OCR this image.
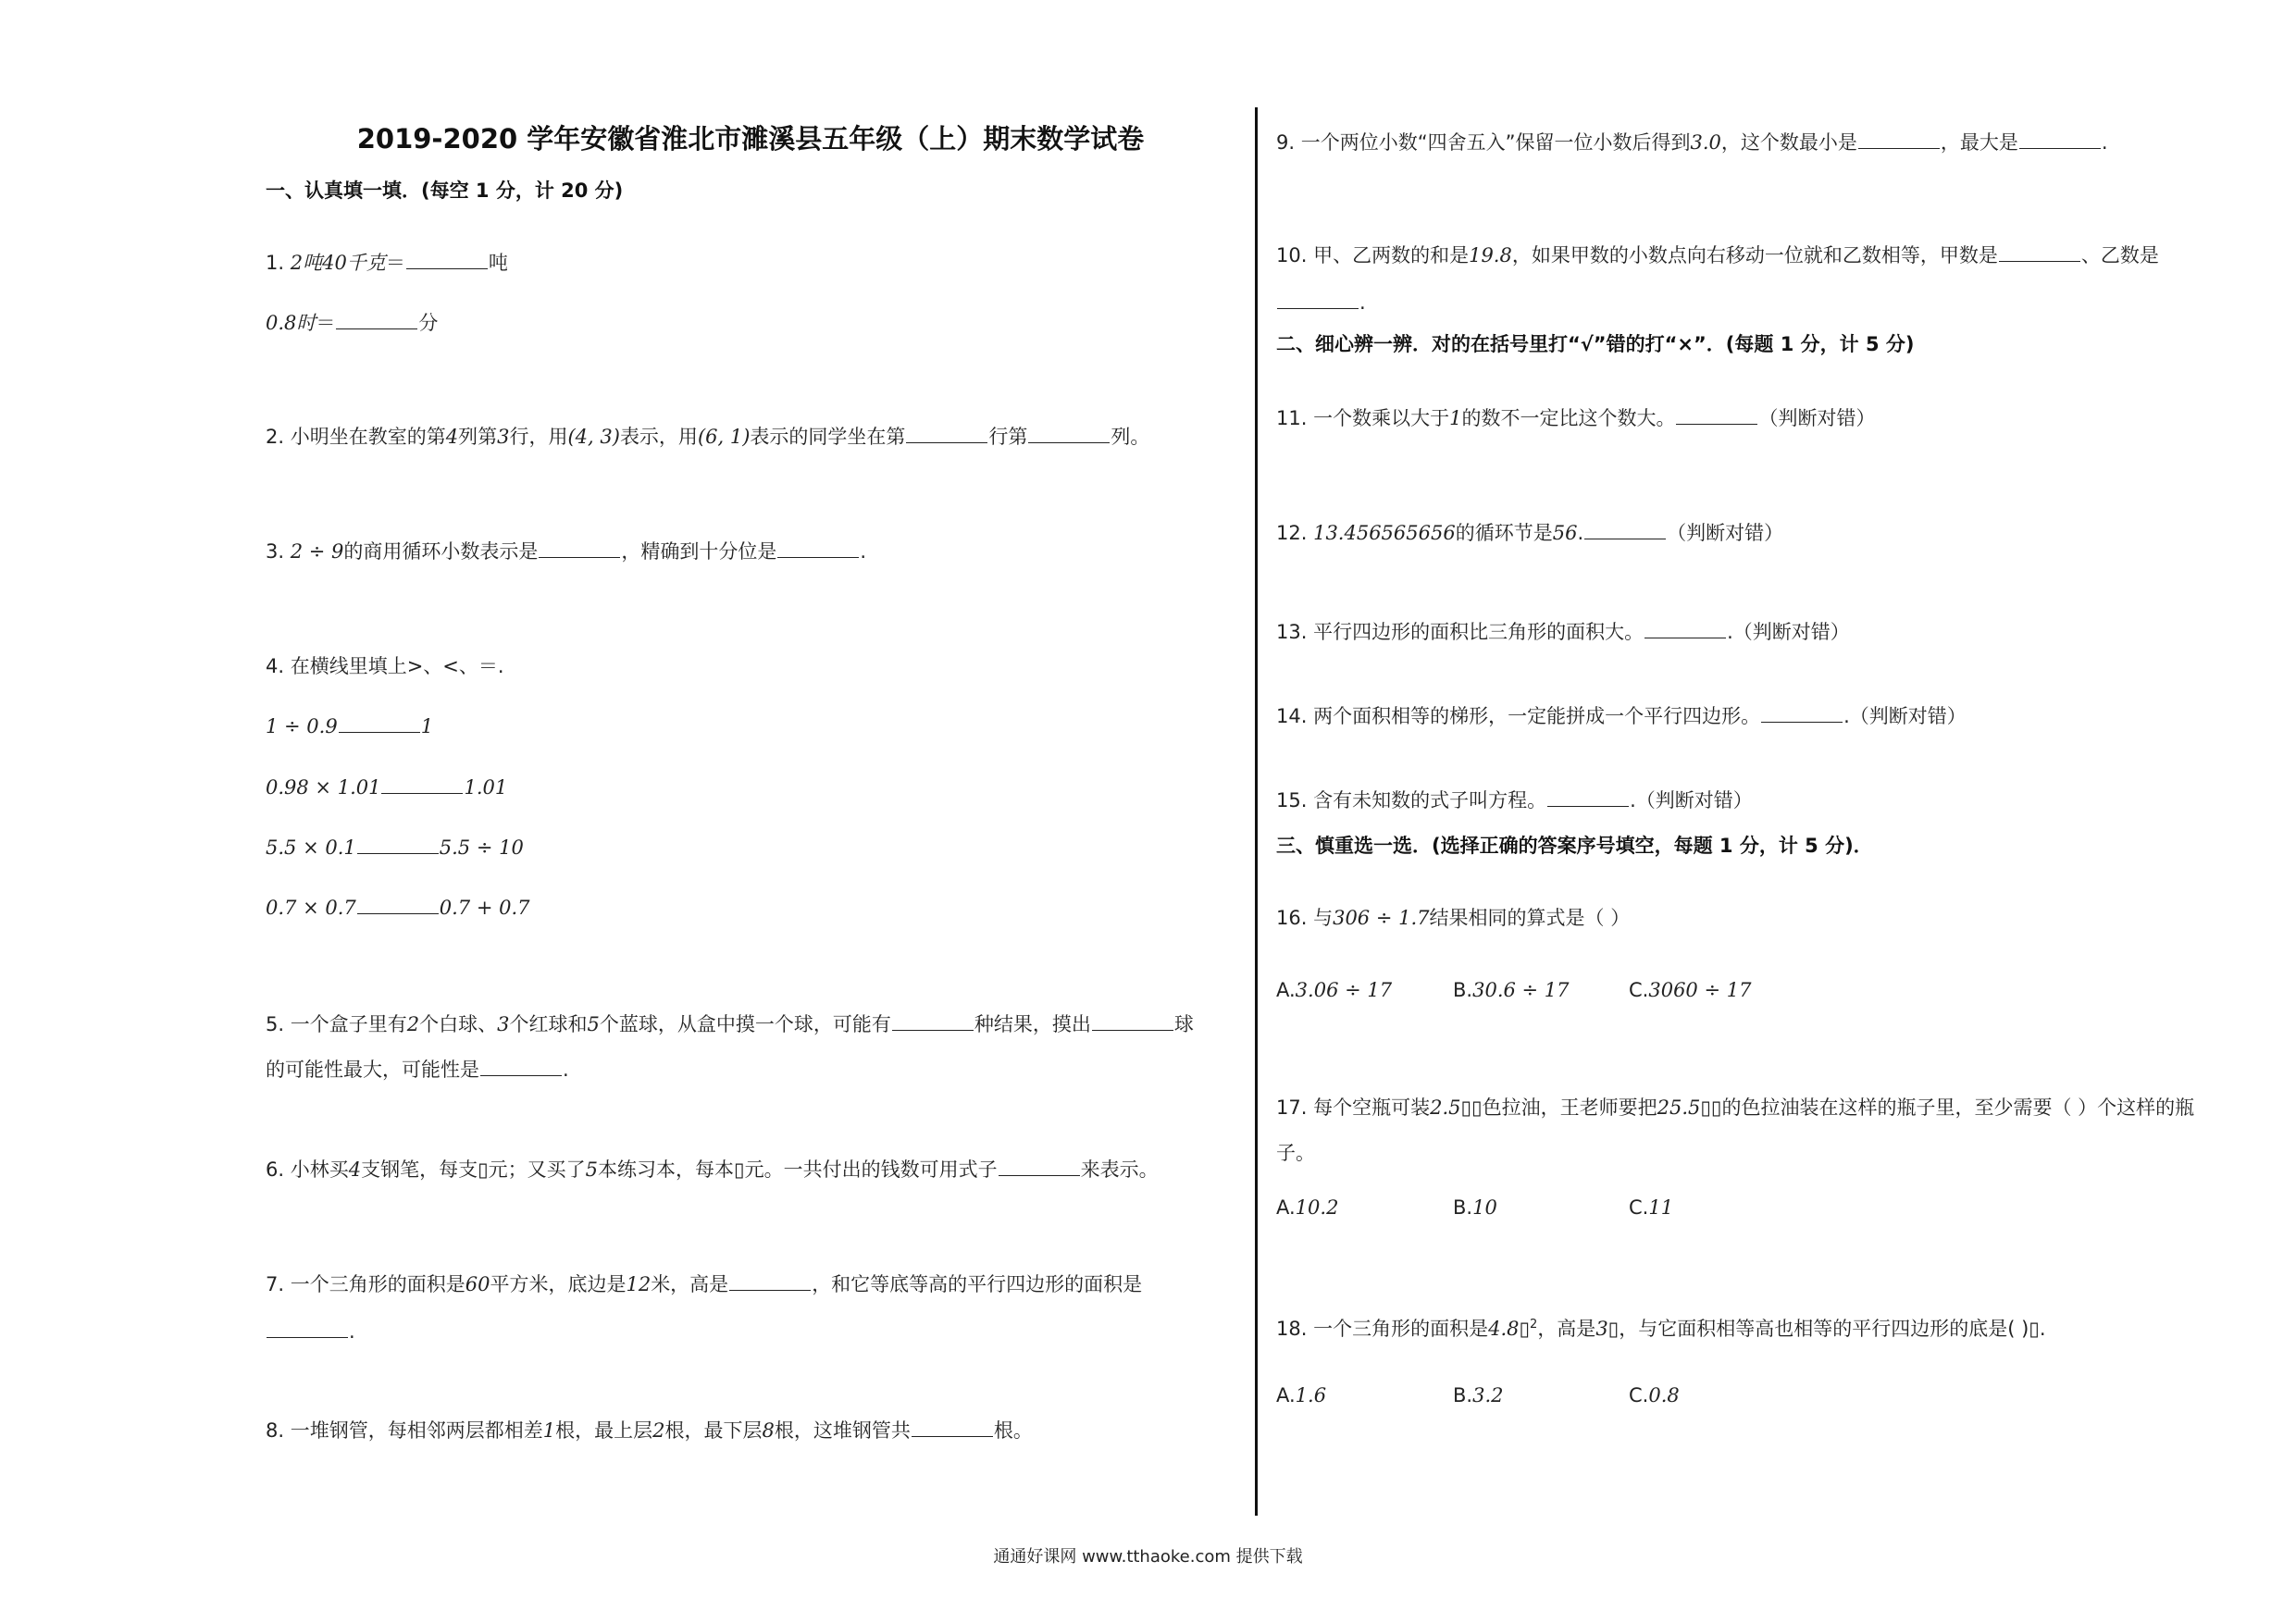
2019-2020 学年安徽省淮北市濉溪县五年级（上）期末数学试卷
一、认真填一填．(每空 1 分，计 20 分)
1. 2吨40千克＝	吨
0.8时＝	分
2. 小明坐在教室的第4列第3行，用(4, 3)表示，用(6, 1)表示的同学坐在第	行第	列。
3. 2 ÷ 9的商用循环小数表示是	，精确到十分位是	.
4. 在横线里填上>、<、＝.
1 ÷ 0.9	1
0.98 × 1.01	1.01
5.5 × 0.1	5.5 ÷ 10
0.7 × 0.7	0.7 + 0.7
5. 一个盒子里有2个白球、3个红球和5个蓝球，从盒中摸一个球，可能有	种结果，摸出	球
的可能性最大，可能性是	.
6. 小林买4支钢笔，每支▯元；又买了5本练习本，每本▯元。一共付出的钱数可用式子	来表示。
7. 一个三角形的面积是60平方米，底边是12米，高是	，和它等底等高的平行四边形的面积是
.
8. 一堆钢管，每相邻两层都相差1根，最上层2根，最下层8根，这堆钢管共	根。
9. 一个两位小数“四舍五入”保留一位小数后得到3.0，这个数最小是	，最大是	.
10. 甲、乙两数的和是19.8，如果甲数的小数点向右移动一位就和乙数相等，甲数是	、乙数是
.
二、细心辨一辨．对的在括号里打“√”错的打“×”．(每题 1 分，计 5 分)
11. 一个数乘以大于1的数不一定比这个数大。	（判断对错）
12. 13.456565656的循环节是56.	（判断对错）
13. 平行四边形的面积比三角形的面积大。	.（判断对错）
14. 两个面积相等的梯形，一定能拼成一个平行四边形。	.（判断对错）
15. 含有未知数的式子叫方程。	.（判断对错）
三、慎重选一选．(选择正确的答案序号填空，每题 1 分，计 5 分)．
16. 与306 ÷ 1.7结果相同的算式是（ ）
A.3.06 ÷ 17	B.30.6 ÷ 17	C.3060 ÷ 17
17. 每个空瓶可装2.5▯▯色拉油，王老师要把25.5▯▯的色拉油装在这样的瓶子里，至少需要（ ）个这样的瓶
子。
A.10.2	B.10	C.11
18. 一个三角形的面积是4.8▯$^2$，高是3▯，与它面积相等高也相等的平行四边形的底是( )▯.
A.1.6	B.3.2	C.0.8
通通好课网 www.tthaoke.com 提供下载
